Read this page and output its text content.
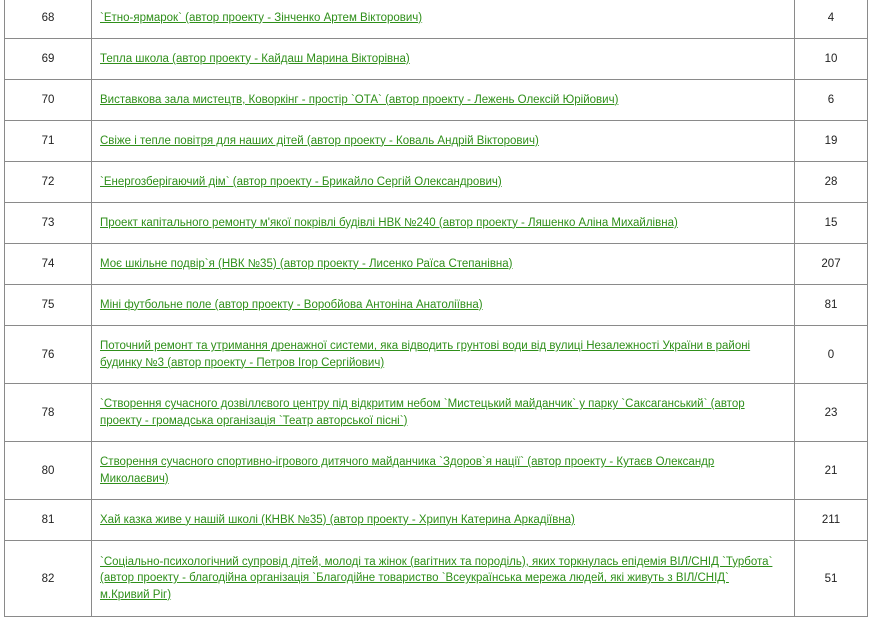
68	`Етно-ярмарок` (автор проекту - Зінченко Артем Вікторович)	4
69	Тепла школа (автор проекту - Кайдаш Марина Вікторівна)	10
70	Виставкова зала мистецтв, Коворкінг - простір `ОТА` (автор проекту - Лежень Олексій Юрійович)	6
71	Свіже і тепле повітря для наших дітей (автор проекту - Коваль Андрій Вікторович)	19
72	`Енергозберігаючий дім` (автор проекту - Брикайло Сергій Олександрович)	28
73	Проект капітального ремонту м'якої покрівлі будівлі НВК №240 (автор проекту - Ляшенко Аліна Михайлівна)	15
74	Моє шкільне подвір`я (НВК №35) (автор проекту - Лисенко Раїса Степанівна)	207
75	Міні футбольне поле (автор проекту - Воробйова Антоніна Анатоліївна)	81
76	Поточний ремонт та утримання дренажної системи, яка відводить грунтові води від вулиці Незалежності України в районі будинку №3 (автор проекту - Петров Ігор Сергійович)	0
78	`Створення сучасного дозвіллєвого центру під відкритим небом `Мистецький майданчик` у парку `Саксаганський` (автор проекту - громадська організація `Театр авторської пісні`)	23
80	Створення сучасного спортивно-ігрового дитячого майданчика `Здоров`я нації` (автор проекту - Кутаєв Олександр Миколаєвич)	21
81	Хай казка живе у нашій школі (КНВК №35) (автор проекту - Хрипун Катерина Аркадіївна)	211
82	`Соціально-психологічний супровід дітей, молоді та жінок (вагітних та породіль), яких торкнулась епідемія ВІЛ/СНІД `Турбота` (автор проекту - благодійна організація `Благодійне товариство `Всеукраїнська мережа людей, які живуть з ВІЛ/СНІД` м.Кривий Ріг)	51
